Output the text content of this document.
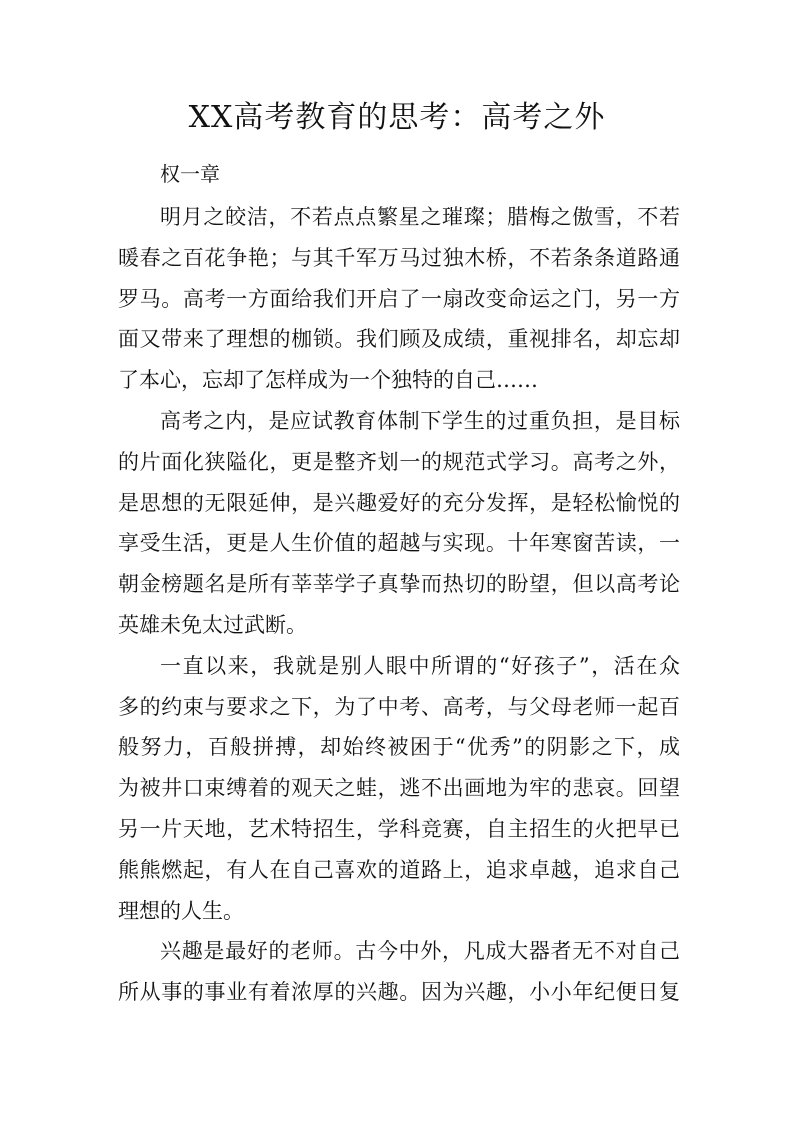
XX高考教育的思考：高考之外

权一章

明月之皎洁，不若点点繁星之璀璨；腊梅之傲雪，不若
暖春之百花争艳；与其千军万马过独木桥，不若条条道路通
罗马。高考一方面给我们开启了一扇改变命运之门，另一方
面又带来了理想的枷锁。我们顾及成绩，重视排名，却忘却
了本心，忘却了怎样成为一个独特的自己……
高考之内，是应试教育体制下学生的过重负担，是目标
的片面化狭隘化，更是整齐划一的规范式学习。高考之外，
是思想的无限延伸，是兴趣爱好的充分发挥，是轻松愉悦的
享受生活，更是人生价值的超越与实现。十年寒窗苦读，一
朝金榜题名是所有莘莘学子真挚而热切的盼望，但以高考论
英雄未免太过武断。
一直以来，我就是别人眼中所谓的“好孩子”，活在众
多的约束与要求之下，为了中考、高考，与父母老师一起百
般努力，百般拼搏，却始终被困于“优秀”的阴影之下，成
为被井口束缚着的观天之蛙，逃不出画地为牢的悲哀。回望
另一片天地，艺术特招生，学科竞赛，自主招生的火把早已
熊熊燃起，有人在自己喜欢的道路上，追求卓越，追求自己
理想的人生。
兴趣是最好的老师。古今中外，凡成大器者无不对自己
所从事的事业有着浓厚的兴趣。因为兴趣，小小年纪便日复
